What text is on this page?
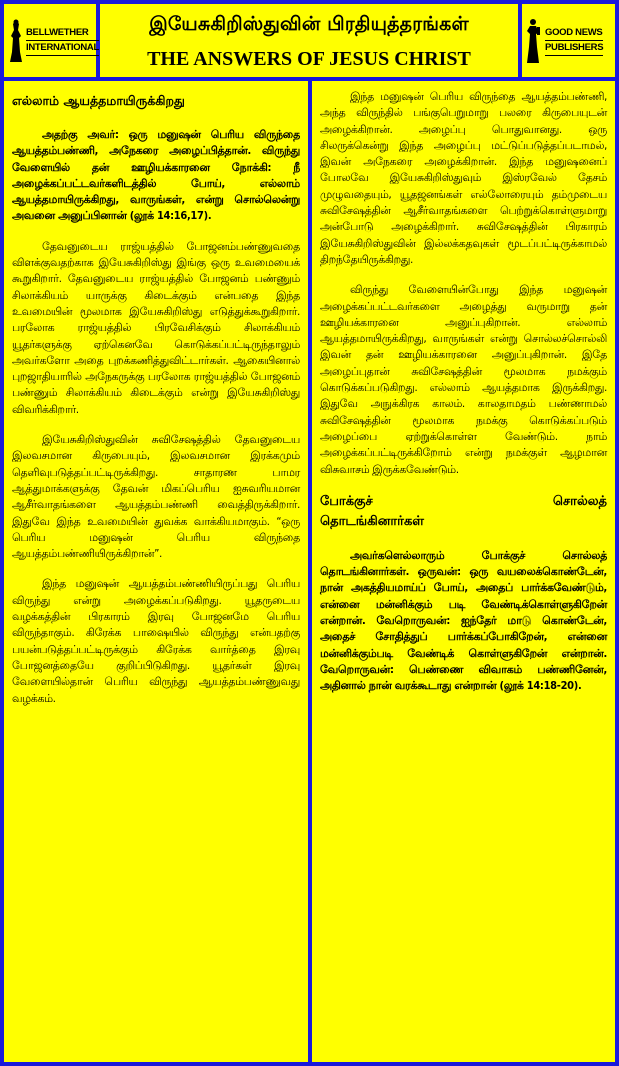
BELLWETHER
INTERNATIONAL
இயேசுகிறிஸ்துவின் பிரதியுத்தரங்கள்
THE ANSWERS OF JESUS CHRIST
GOOD NEWS
PUBLISHERS
எல்லாம் ஆயத்தமாயிருக்கிறது

அதற்கு அவர்: ஒரு மனுஷன் பெரிய விருந்தை ஆயத்தம்பண்ணி, அநேகரை அழைப்பித்தான். விருந்து வேளையில் தன் ஊழியக்காரனை நோக்கி: நீ அழைக்கப்பட்டவர்களிடத்தில் போய், எல்லாம் ஆயத்தமாயிருக்கிறது, வாருங்கள், என்று சொல்லென்று அவனை அனுப்பினான் (லூக் 14:16,17).

தேவனுடைய ராஜ்யத்தில் போஜனம்பண்ணுவதை விளக்குவதற்காக இயேசுகிறிஸ்து இங்கு ஒரு உவமையைக் கூறுகிறார். தேவனுடைய ராஜ்யத்தில் போஜனம் பண்ணும் சிலாக்கியம் யாருக்கு கிடைக்கும் என்பதை இந்த உவமையின் மூலமாக இயேசுகிறிஸ்து எடுத்துக்கூறுகிறார். பரலோக ராஜ்யத்தில் பிரவேசிக்கும் சிலாக்கியம் யூதர்களுக்கு ஏற்கெனவே கொடுக்கப்பட்டிருந்தாலும் அவர்களோ அதை புறக்கணித்துவிட்டார்கள். ஆகையினால் புறஜாதியாரில் அநேகருக்கு பரலோக ராஜ்யத்தில் போஜனம் பண்ணும் சிலாக்கியம் கிடைக்கும் என்று இயேசுகிறிஸ்து விவரிக்கிறார்.

இயேசுகிறிஸ்துவின் சுவிசேஷத்தில் தேவனுடைய இலவசமான கிருபையும், இலவசமான இரக்கமும் தெளிவுபடுத்தப்பட்டிருக்கிறது. சாதாரண பாமர ஆத்துமாக்களுக்கு தேவன் மிகப்பெரிய ஐசுவரியமான ஆசீர்வாதங்களை ஆயத்தம்பண்ணி வைத்திருக்கிறார். இதுவே இந்த உவமையின் துவக்க வாக்கியமாகும். “ஒரு பெரிய மனுஷன் பெரிய விருந்தை ஆயத்தம்பண்ணியிருக்கிறான்”.

இந்த மனுஷன் ஆயத்தம்பண்ணியிருப்பது பெரிய விருந்து என்று அழைக்கப்படுகிறது. யூதருடைய வழக்கத்தின் பிரகாரம் இரவு போஜனமே பெரிய விருந்தாகும். கிரேக்க பாஷையில் விருந்து என்பதற்கு பயன்படுத்தப்பட்டிருக்கும் கிரேக்க வார்த்தை இரவு போஜனத்தையே குறிப்பிடுகிறது. யூதர்கள் இரவு வேளையில்தான் பெரிய விருந்து ஆயத்தம்பண்ணுவது வழக்கம்.

இந்த மனுஷன் பெரிய விருந்தை ஆயத்தம்பண்ணி, அந்த விருந்தில் பங்குபெறுமாறு பலரை கிருபையுடன் அழைக்கிறான். அழைப்பு பொதுவானது. ஒரு சிலருக்கென்று இந்த அழைப்பு மட்டுப்படுத்தப்படாமல், இவன் அநேகரை அழைக்கிறான். இந்த மனுஷனைப் போலவே இயேசுகிறிஸ்துவும் இஸ்ரவேல் தேசம் முழுவதையும், யூதஜனங்கள் எல்லோரையும் தம்முடைய சுவிசேஷத்தின் ஆசீர்வாதங்களை பெற்றுக்கொள்ளுமாறு அன்போடு அழைக்கிறார். சுவிசேஷத்தின் பிரகாரம் இயேசுகிறிஸ்துவின் இல்லக்கதவுகள் மூடப்பட்டிருக்காமல் திறந்தேயிருக்கிறது.

விருந்து வேளையின்போது இந்த மனுஷன் அழைக்கப்பட்டவர்களை அழைத்து வருமாறு தன் ஊழியக்காரனை அனுப்புகிறான். எல்லாம் ஆயத்தமாயிருக்கிறது, வாருங்கள் என்று சொல்லச்சொல்லி இவன் தன் ஊழியக்காரனை அனுப்புகிறான். இதே அழைப்புதான் சுவிசேஷத்தின் மூலமாக நமக்கும் கொடுக்கப்படுகிறது. எல்லாம் ஆயத்தமாக இருக்கிறது. இதுவே அநுக்கிரக காலம். காலதாமதம் பண்ணாமல் சுவிசேஷத்தின் மூலமாக நமக்கு கொடுக்கப்படும் அழைப்பை ஏற்றுக்கொள்ள வேண்டும். நாம் அழைக்கப்பட்டிருக்கிறோம் என்று நமக்குள் ஆழமான விசுவாசம் இருக்கவேண்டும்.

போக்குச் சொல்லத்
தொடங்கினார்கள்

அவர்களெல்லாரும் போக்குச் சொல்லத் தொடங்கினார்கள். ஒருவன்: ஒரு வயலைக்கொண்டேன், நான் அகத்தியமாய்ப் போய், அதைப் பார்க்கவேண்டும், என்னை மன்னிக்கும் படி வேண்டிக்கொள்ளுகிறேன் என்றான். வேறொருவன்: ஐந்தேர் மாடு கொண்டேன், அதைச் சோதித்துப் பார்க்கப்போகிறேன், என்னை மன்னிக்கும்படி வேண்டிக் கொள்ளுகிறேன் என்றான். வேறொருவன்: பெண்ணை விவாகம் பண்ணினேன், அதினால் நான் வரக்கூடாது என்றான் (லூக் 14:18-20).
